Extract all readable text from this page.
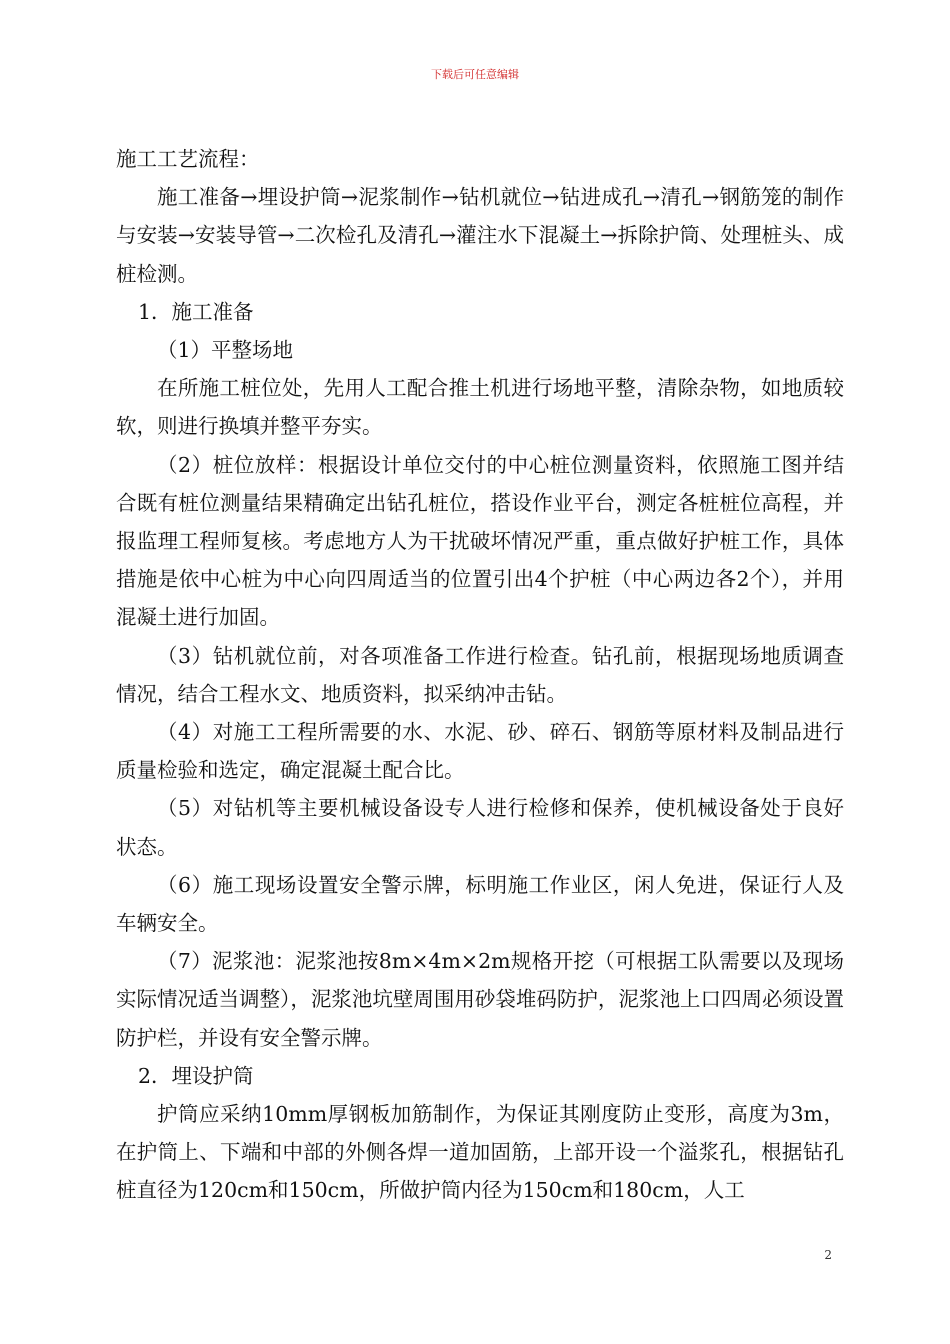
下载后可任意编辑

施工工艺流程：

施工准备→埋设护筒→泥浆制作→钻机就位→钻进成孔→清孔→钢筋笼的制作与安装→安装导管→二次检孔及清孔→灌注水下混凝土→拆除护筒、处理桩头、成桩检测。

1．施工准备

（1）平整场地

在所施工桩位处，先用人工配合推土机进行场地平整，清除杂物，如地质较软，则进行换填并整平夯实。

（2）桩位放样：根据设计单位交付的中心桩位测量资料，依照施工图并结合既有桩位测量结果精确定出钻孔桩位，搭设作业平台，测定各桩桩位高程，并报监理工程师复核。考虑地方人为干扰破坏情况严重，重点做好护桩工作，具体措施是依中心桩为中心向四周适当的位置引出4个护桩（中心两边各2个），并用混凝土进行加固。

（3）钻机就位前，对各项准备工作进行检查。钻孔前，根据现场地质调查情况，结合工程水文、地质资料，拟采纳冲击钻。

（4）对施工工程所需要的水、水泥、砂、碎石、钢筋等原材料及制品进行质量检验和选定，确定混凝土配合比。

（5）对钻机等主要机械设备设专人进行检修和保养，使机械设备处于良好状态。

（6）施工现场设置安全警示牌，标明施工作业区，闲人免进，保证行人及车辆安全。

（7）泥浆池：泥浆池按8m×4m×2m规格开挖（可根据工队需要以及现场实际情况适当调整），泥浆池坑壁周围用砂袋堆码防护，泥浆池上口四周必须设置防护栏，并设有安全警示牌。

2．埋设护筒

护筒应采纳10mm厚钢板加筋制作，为保证其刚度防止变形，高度为3m，在护筒上、下端和中部的外侧各焊一道加固筋，上部开设一个溢浆孔，根据钻孔桩直径为120cm和150cm，所做护筒内径为150cm和180cm，人工

2
